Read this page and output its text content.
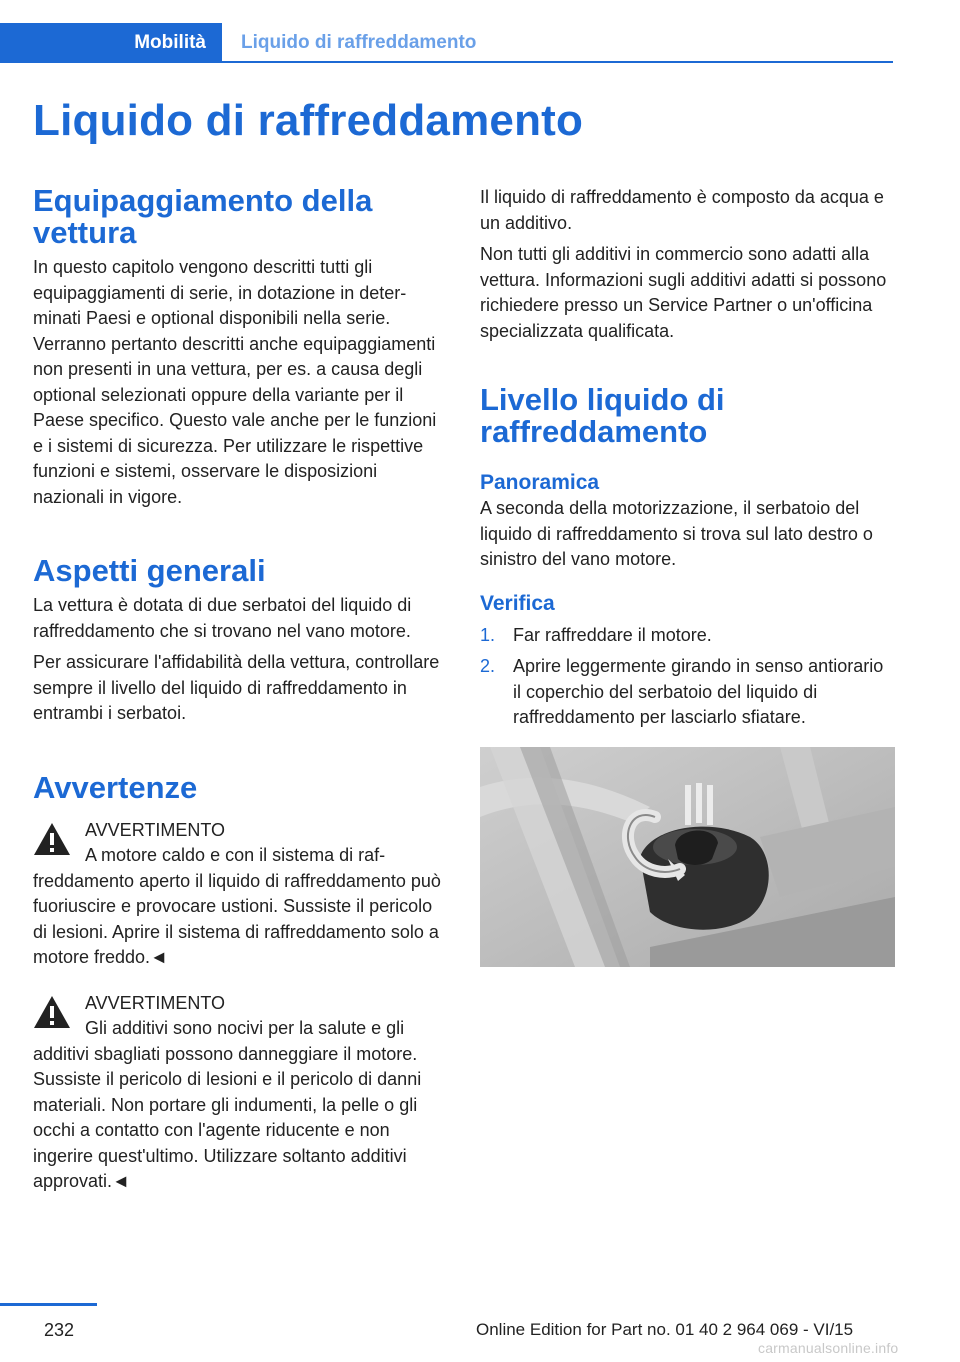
Mobilità Liquido di raffreddamento
Liquido di raffreddamento
Equipaggiamento della vettura

In questo capitolo vengono descritti tutti gli equipaggiamenti di serie, in dotazione in determinati Paesi e optional disponibili nella serie. Verranno pertanto descritti anche equipaggiamenti non presenti in una vettura, per es. a causa degli optional selezionati oppure della variante per il Paese specifico. Questo vale anche per le funzioni e i sistemi di sicurezza. Per utilizzare le rispettive funzioni e sistemi, osservare le disposizioni nazionali in vigore.

Aspetti generali

La vettura è dotata di due serbatoi del liquido di raffreddamento che si trovano nel vano motore.

Per assicurare l'affidabilità della vettura, controllare sempre il livello del liquido di raffreddamento in entrambi i serbatoi.

Avvertenze

AVVERTIMENTO

A motore caldo e con il sistema di raffreddamento aperto il liquido di raffreddamento può fuoriuscire e provocare ustioni. Sussiste il pericolo di lesioni. Aprire il sistema di raffreddamento solo a motore freddo.◄

AVVERTIMENTO

Gli additivi sono nocivi per la salute e gli additivi sbagliati possono danneggiare il motore. Sussiste il pericolo di lesioni e il pericolo di danni materiali. Non portare gli indumenti, la pelle o gli occhi a contatto con l'agente riducente e non ingerire quest'ultimo. Utilizzare soltanto additivi approvati.◄

Il liquido di raffreddamento è composto da acqua e un additivo.

Non tutti gli additivi in commercio sono adatti alla vettura. Informazioni sugli additivi adatti si possono richiedere presso un Service Partner o un'officina specializzata qualificata.

Livello liquido di raffreddamento
Panoramica

A seconda della motorizzazione, il serbatoio del liquido di raffreddamento si trova sul lato destro o sinistro del vano motore.

Verifica
1. Far raffreddare il motore.
2. Aprire leggermente girando in senso antiorario il coperchio del serbatoio del liquido di raffreddamento per lasciarlo sfiatare.
232	Online Edition for Part no. 01 40 2 964 069 - VI/15
carmanualsonline.info
